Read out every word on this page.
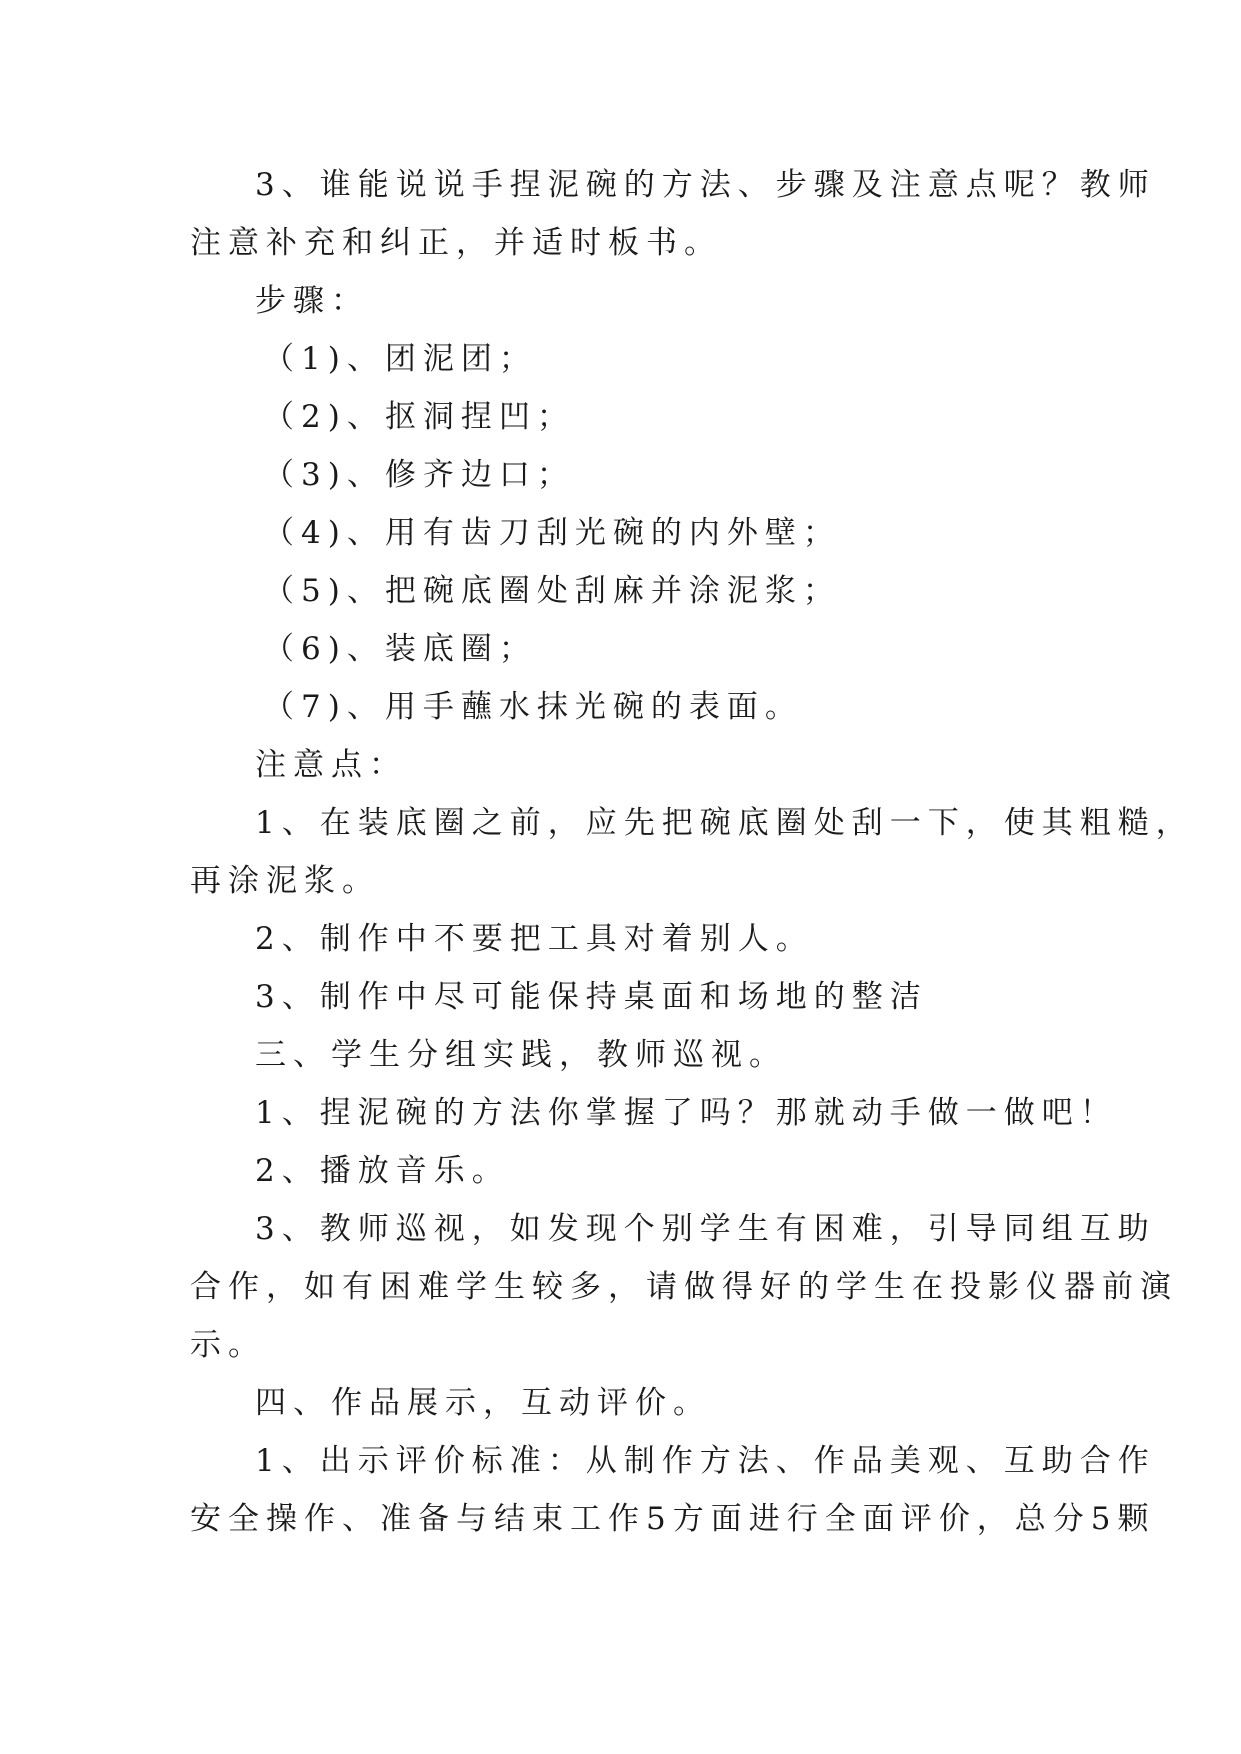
3、谁能说说手捏泥碗的方法、步骤及注意点呢？教师
注意补充和纠正，并适时板书。
步骤：
（1)、团泥团；
（2)、抠洞捏凹；
（3)、修齐边口；
（4)、用有齿刀刮光碗的内外壁；
（5)、把碗底圈处刮麻并涂泥浆；
（6)、装底圈；
（7)、用手蘸水抹光碗的表面。
注意点：
1、在装底圈之前，应先把碗底圈处刮一下，使其粗糙，
再涂泥浆。
2、制作中不要把工具对着别人。
3、制作中尽可能保持桌面和场地的整洁
三、学生分组实践，教师巡视。
1、捏泥碗的方法你掌握了吗？那就动手做一做吧！
2、播放音乐。
3、教师巡视，如发现个别学生有困难，引导同组互助
合作，如有困难学生较多，请做得好的学生在投影仪器前演
示。
四、作品展示，互动评价。
1、出示评价标准：从制作方法、作品美观、互助合作
安全操作、准备与结束工作5方面进行全面评价，总分5颗
